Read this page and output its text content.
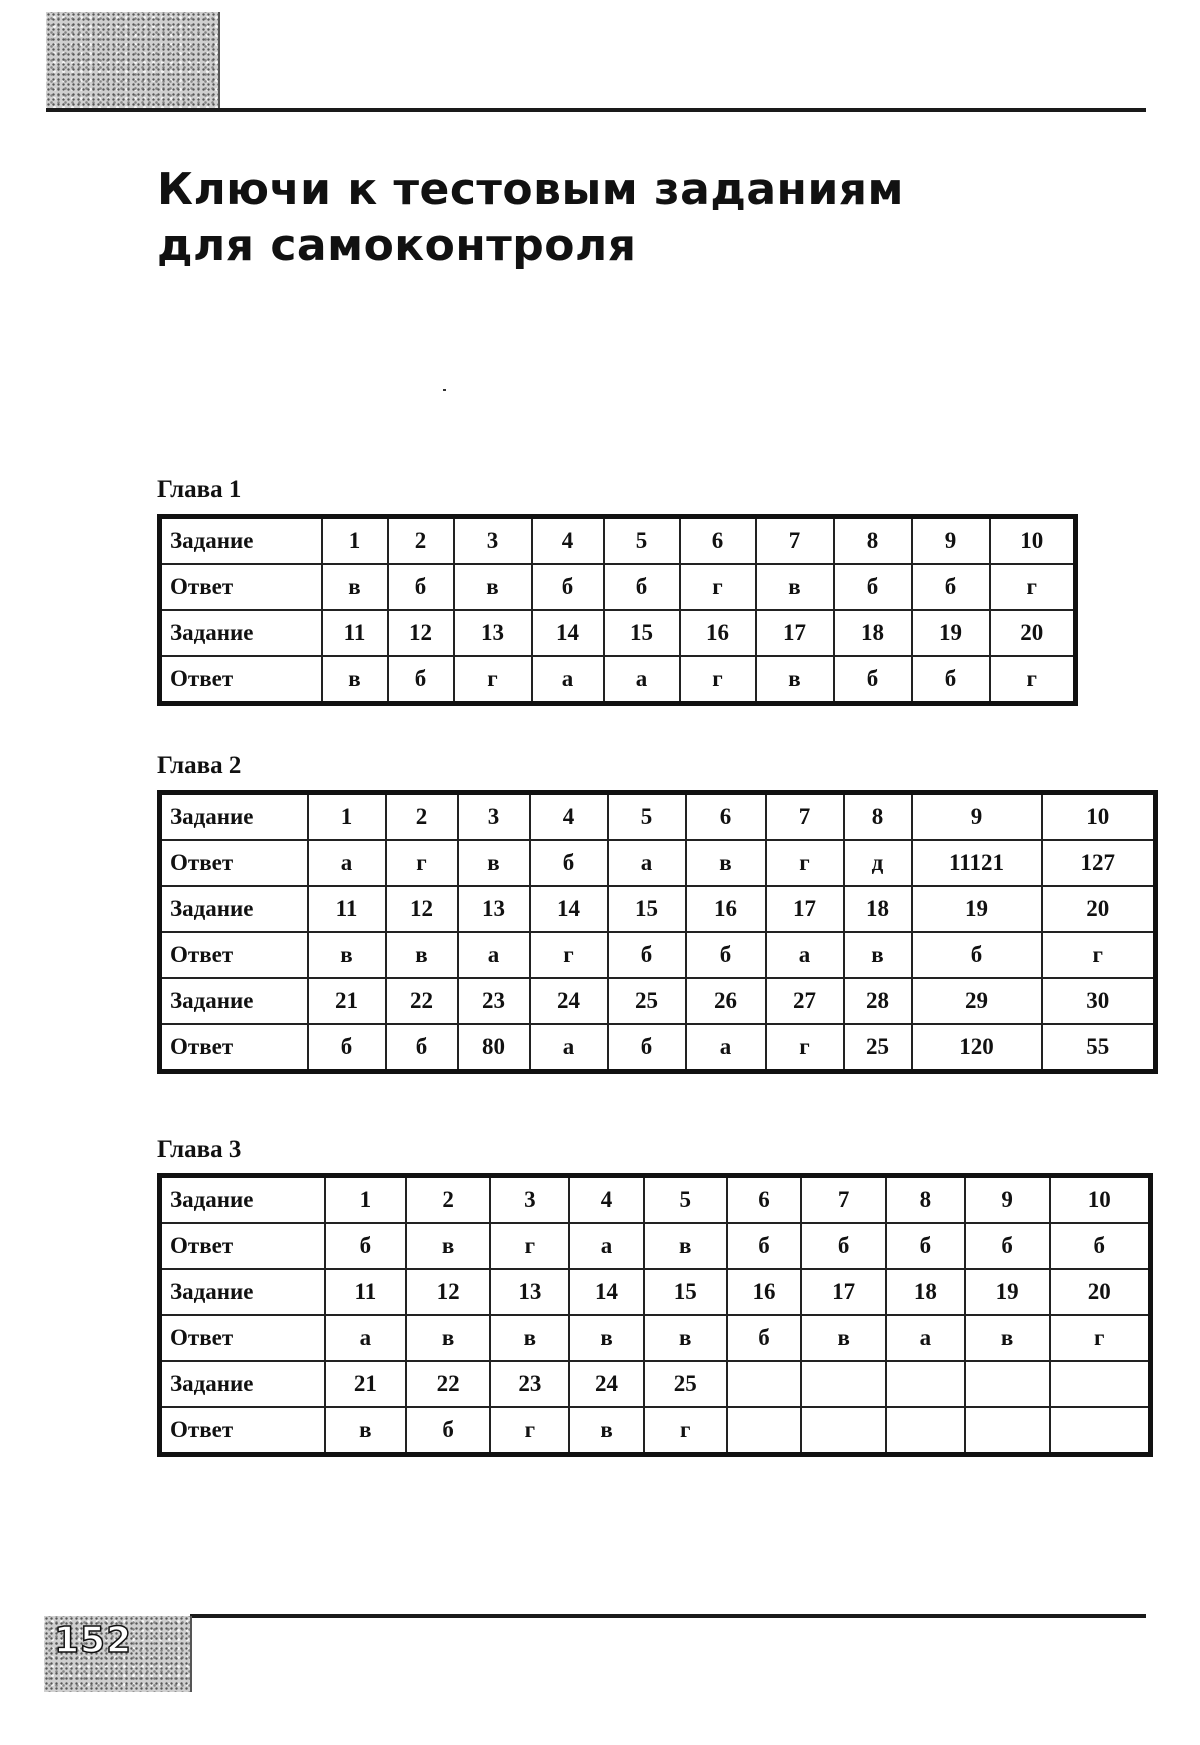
Ключи к тестовым заданиям
для самоконтроля
Глава 1
Задание	1	2	3	4	5	6	7	8	9	10
Ответ	в	б	в	б	б	г	в	б	б	г
Задание	11	12	13	14	15	16	17	18	19	20
Ответ	в	б	г	а	а	г	в	б	б	г
Глава 2
Задание	1	2	3	4	5	6	7	8	9	10
Ответ	а	г	в	б	а	в	г	д	11121	127
Задание	11	12	13	14	15	16	17	18	19	20
Ответ	в	в	а	г	б	б	а	в	б	г
Задание	21	22	23	24	25	26	27	28	29	30
Ответ	б	б	80	а	б	а	г	25	120	55
Глава 3
Задание	1	2	3	4	5	6	7	8	9	10
Ответ	б	в	г	а	в	б	б	б	б	б
Задание	11	12	13	14	15	16	17	18	19	20
Ответ	а	в	в	в	в	б	в	а	в	г
Задание	21	22	23	24	25					
Ответ	в	б	г	в	г					
152
